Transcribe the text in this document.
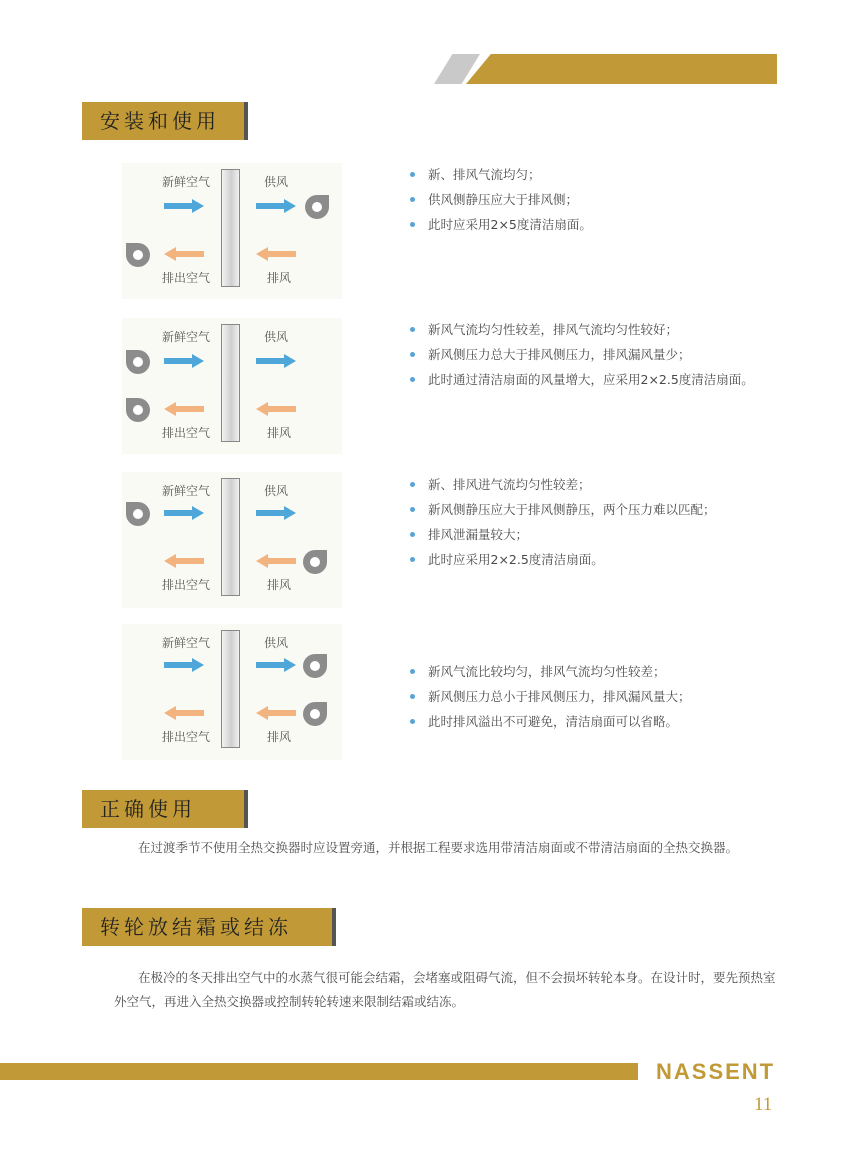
安装和使用
新鲜空气	供风
排出空气	排风
新、排风气流均匀；
供风侧静压应大于排风侧；
此时应采用2×5度清洁扇面。
新鲜空气	供风
排出空气	排风
新风气流均匀性较差，排风气流均匀性较好；
新风侧压力总大于排风侧压力，排风漏风量少；
此时通过清洁扇面的风量增大，应采用2×2.5度清洁扇面。
新鲜空气	供风
排出空气	排风
新、排风进气流均匀性较差；
新风侧静压应大于排风侧静压，两个压力难以匹配；
排风泄漏量较大；
此时应采用2×2.5度清洁扇面。
新鲜空气	供风
排出空气	排风
新风气流比较均匀，排风气流均匀性较差；
新风侧压力总小于排风侧压力，排风漏风量大；
此时排风溢出不可避免，清洁扇面可以省略。
正确使用
在过渡季节不使用全热交换器时应设置旁通，并根据工程要求选用带清洁扇面或不带清洁扇面的全热交换器。
转轮放结霜或结冻
在极冷的冬天排出空气中的水蒸气很可能会结霜，会堵塞或阻碍气流，但不会损坏转轮本身。在设计时，要先预热室外空气，再进入全热交换器或控制转轮转速来限制结霜或结冻。
NASSENT
11
